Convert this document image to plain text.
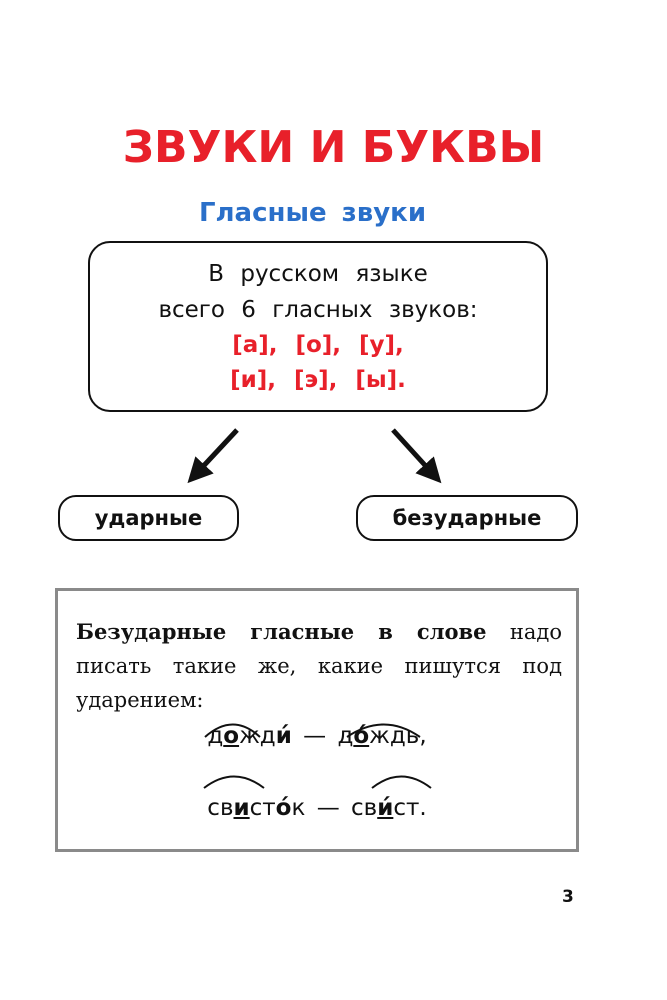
ЗВУКИ И БУКВЫ
Гласные звуки
В русском языке
всего 6 гласных звуков:
[а], [о], [у],
[и], [э], [ы].
ударные	безударные
Безударные гласные в слове надо писать такие же, какие пишутся под ударением:
дожди́ — до́ждь,
свисто́к — сви́ст.
3
